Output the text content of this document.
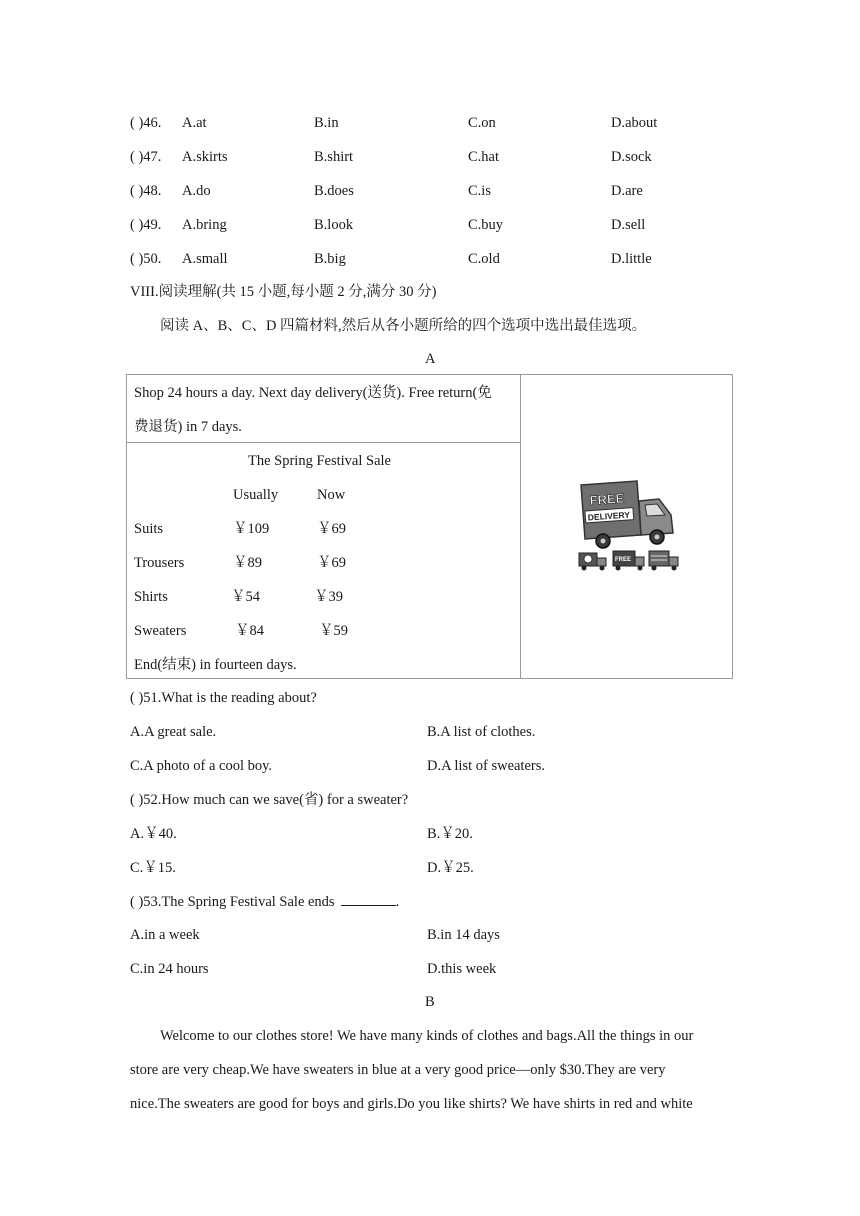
( )46. A.at	B.in	C.on	D.about
( )47. A.skirts	B.shirt	C.hat	D.sock
( )48. A.do	B.does	C.is	D.are
( )49. A.bring	B.look	C.buy	D.sell
( )50. A.small	B.big	C.old	D.little
VIII.阅读理解(共 15 小题,每小题 2 分,满分 30 分)
阅读 A、B、C、D 四篇材料,然后从各小题所给的四个选项中选出最佳选项。
A
Shop 24 hours a day. Next day delivery(送货). Free return(免
费退货) in 7 days.
The Spring Festival Sale
Usually	Now
Suits	￥109	￥69
Trousers	￥89	￥69
Shirts	￥54	￥39
Sweaters	￥84	￥59
End(结束) in fourteen days.
FREE
DELIVERY
FREE
( )51.What is the reading about?
A.A great sale.	B.A list of clothes.
C.A photo of a cool boy.	D.A list of sweaters.
( )52.How much can we save(省) for a sweater?
A.￥40.	B.￥20.
C.￥15.	D.￥25.
( )53.The Spring Festival Sale ends	.
A.in a week	B.in 14 days
C.in 24 hours	D.this week
B
Welcome to our clothes store! We have many kinds of clothes and bags.All the things in our
store are very cheap.We have sweaters in blue at a very good price—only $30.They are very
nice.The sweaters are good for boys and girls.Do you like shirts? We have shirts in red and white
